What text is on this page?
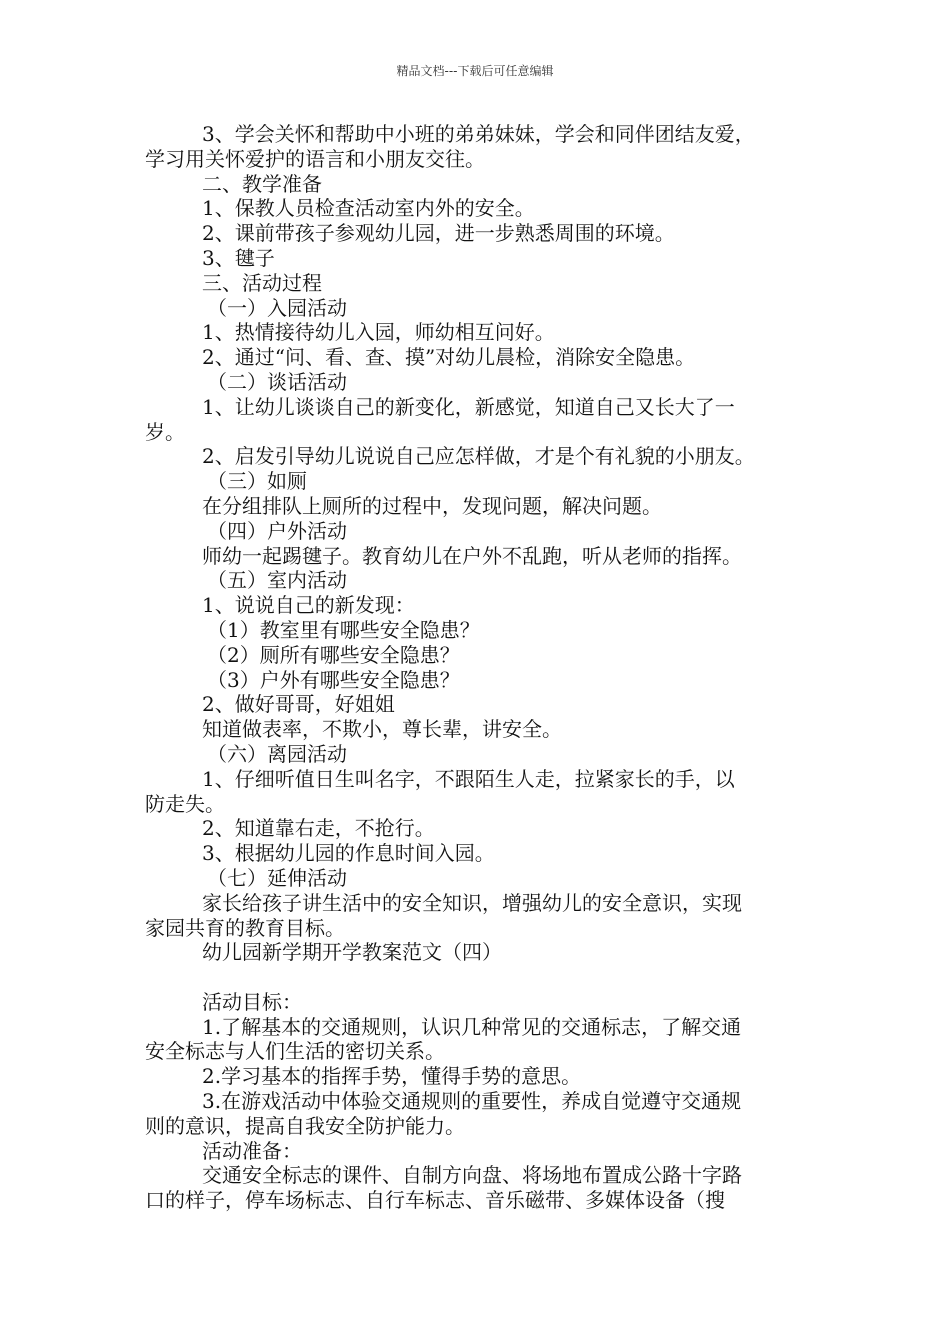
精品文档---下载后可任意编辑
3、学会关怀和帮助中小班的弟弟妹妹，学会和同伴团结友爱，
学习用关怀爱护的语言和小朋友交往。
二、教学准备
1、保教人员检查活动室内外的安全。
2、课前带孩子参观幼儿园，进一步熟悉周围的环境。
3、毽子
三、活动过程
（一）入园活动
1、热情接待幼儿入园，师幼相互问好。
2、通过“问、看、查、摸”对幼儿晨检，消除安全隐患。
（二）谈话活动
1、让幼儿谈谈自己的新变化，新感觉，知道自己又长大了一
岁。
2、启发引导幼儿说说自己应怎样做，才是个有礼貌的小朋友。
（三）如厕
在分组排队上厕所的过程中，发现问题，解决问题。
（四）户外活动
师幼一起踢毽子。教育幼儿在户外不乱跑，听从老师的指挥。
（五）室内活动
1、说说自己的新发现：
（1）教室里有哪些安全隐患？
（2）厕所有哪些安全隐患？
（3）户外有哪些安全隐患？
2、做好哥哥，好姐姐
知道做表率，不欺小，尊长辈，讲安全。
（六）离园活动
1、仔细听值日生叫名字，不跟陌生人走，拉紧家长的手，以
防走失。
2、知道靠右走，不抢行。
3、根据幼儿园的作息时间入园。
（七）延伸活动
家长给孩子讲生活中的安全知识，增强幼儿的安全意识，实现
家园共育的教育目标。
幼儿园新学期开学教案范文（四）
活动目标：
1.了解基本的交通规则，认识几种常见的交通标志，了解交通
安全标志与人们生活的密切关系。
2.学习基本的指挥手势，懂得手势的意思。
3.在游戏活动中体验交通规则的重要性，养成自觉遵守交通规
则的意识，提高自我安全防护能力。
活动准备：
交通安全标志的课件、自制方向盘、将场地布置成公路十字路
口的样子，停车场标志、自行车标志、音乐磁带、多媒体设备（搜
